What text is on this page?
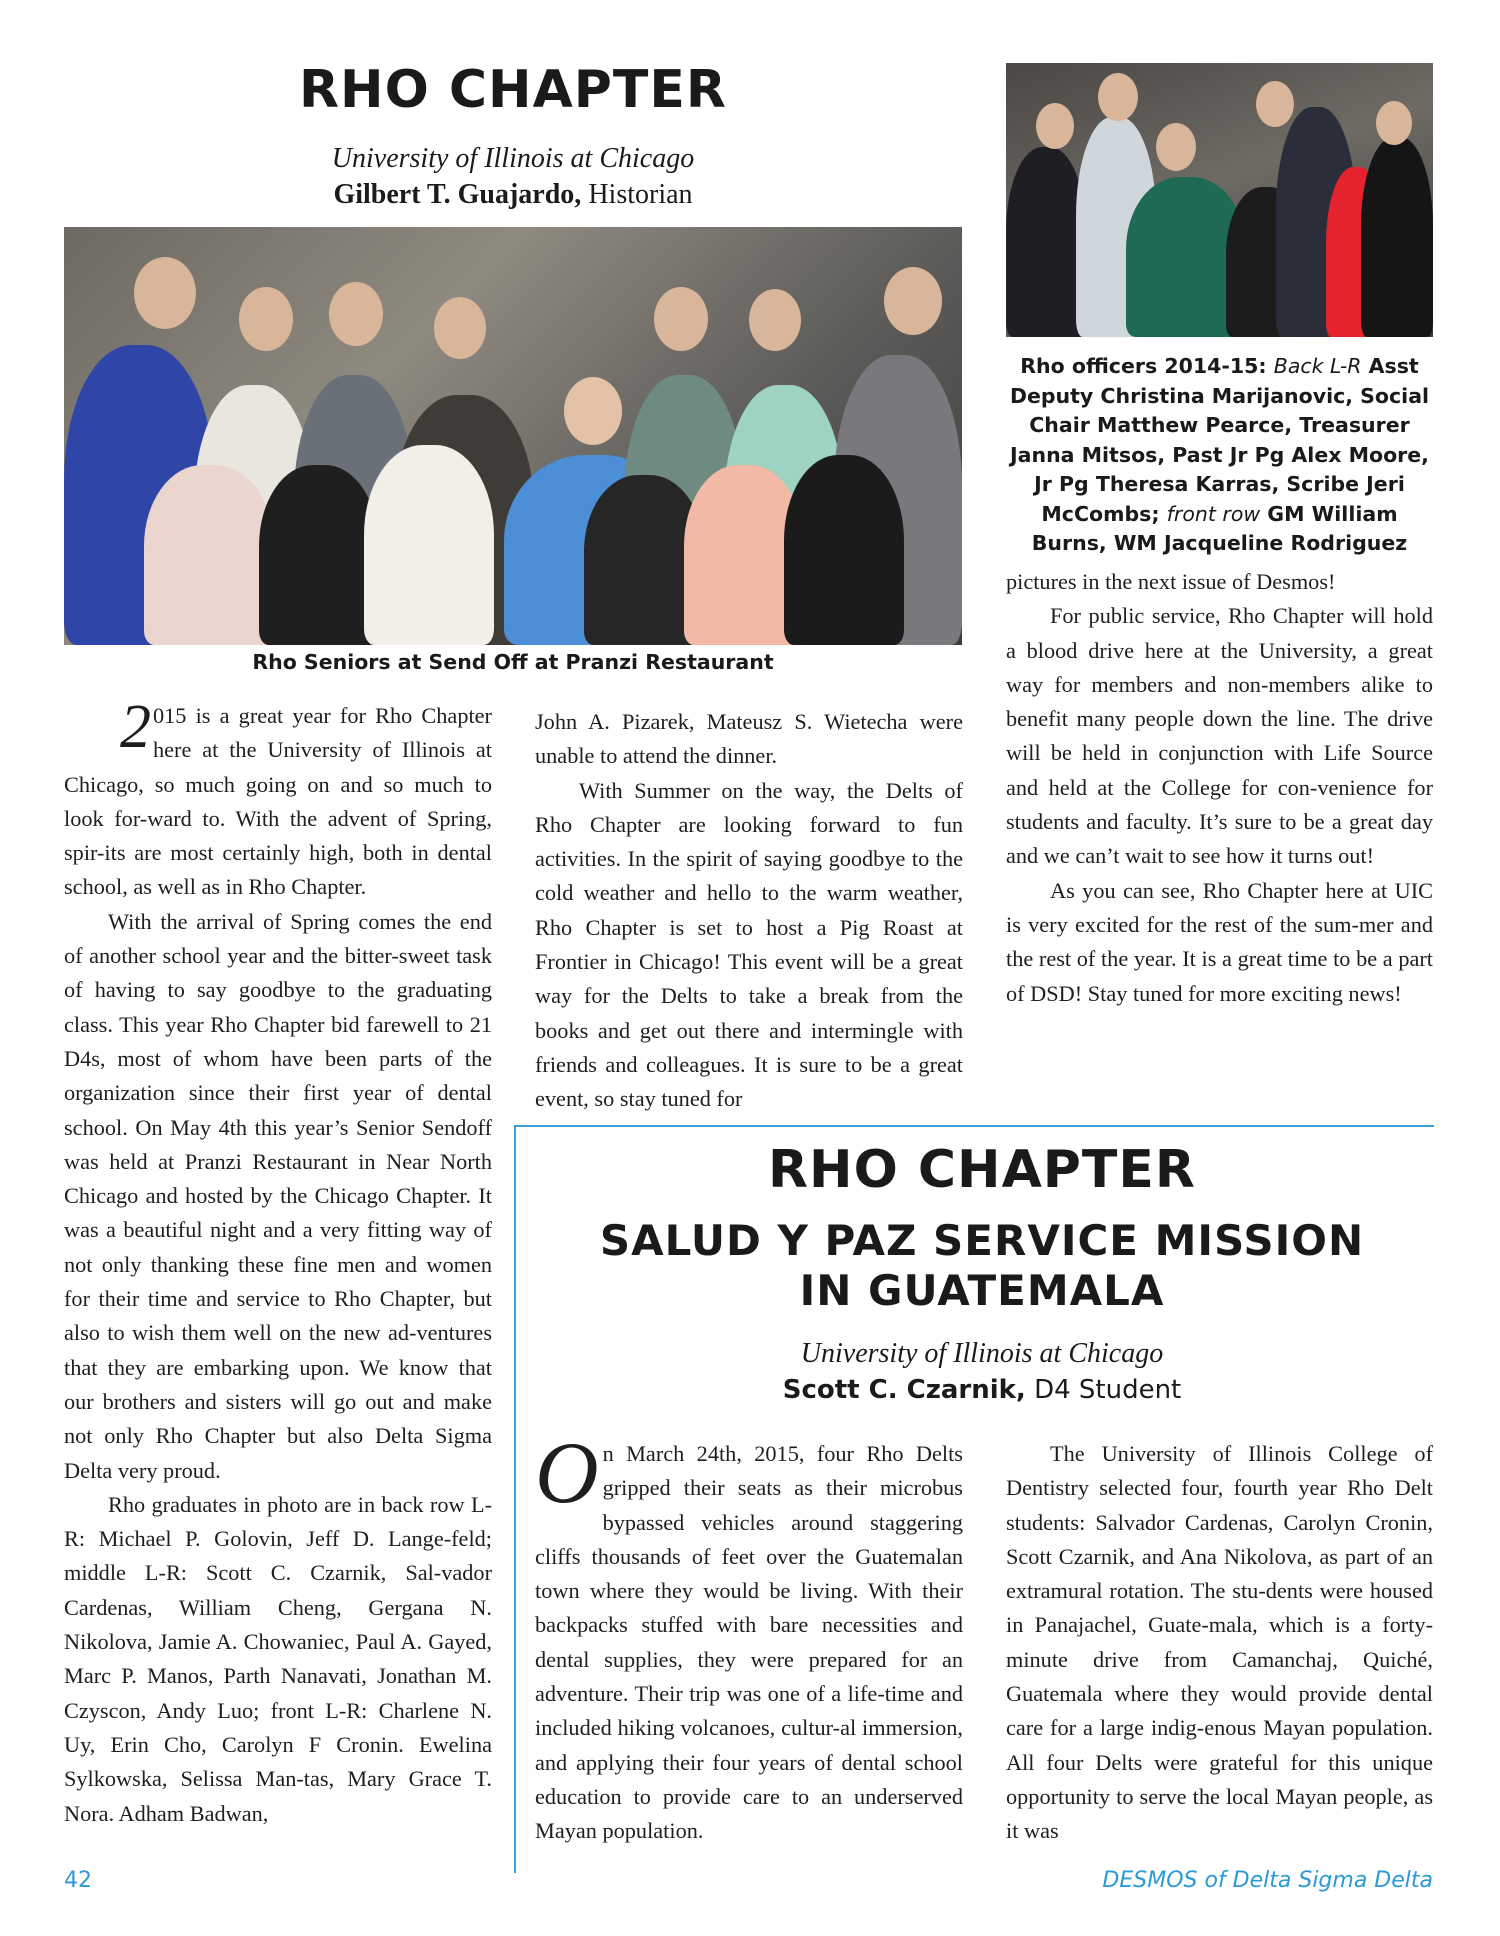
RHO CHAPTER
University of Illinois at Chicago
Gilbert T. Guajardo, Historian
Rho Seniors at Send Off at Pranzi Restaurant
Rho officers 2014-15: Back L-R Asst Deputy Christina Marijanovic, Social Chair Matthew Pearce, Treasurer Janna Mitsos, Past Jr Pg Alex Moore, Jr Pg Theresa Karras, Scribe Jeri McCombs; front row GM William Burns, WM Jacqueline Rodriguez

2 015 is a great year for Rho Chapter here at the University of Illinois at Chicago, so much going on and so much to look for-ward to. With the advent of Spring, spir-its are most certainly high, both in dental school, as well as in Rho Chapter.

With the arrival of Spring comes the end of another school year and the bitter-sweet task of having to say goodbye to the graduating class. This year Rho Chapter bid farewell to 21 D4s, most of whom have been parts of the organization since their first year of dental school. On May 4th this year’s Senior Sendoff was held at Pranzi Restaurant in Near North Chicago and hosted by the Chicago Chapter. It was a beautiful night and a very fitting way of not only thanking these fine men and women for their time and service to Rho Chapter, but also to wish them well on the new ad-ventures that they are embarking upon. We know that our brothers and sisters will go out and make not only Rho Chapter but also Delta Sigma Delta very proud.

Rho graduates in photo are in back row L-R: Michael P. Golovin, Jeff D. Lange-feld; middle L-R: Scott C. Czarnik, Sal-vador Cardenas, William Cheng, Gergana N. Nikolova, Jamie A. Chowaniec, Paul A. Gayed, Marc P. Manos, Parth Nanavati, Jonathan M. Czyscon, Andy Luo; front L-R: Charlene N. Uy, Erin Cho, Carolyn F Cronin. Ewelina Sylkowska, Selissa Man-tas, Mary Grace T. Nora. Adham Badwan,

John A. Pizarek, Mateusz S. Wietecha were unable to attend the dinner.

With Summer on the way, the Delts of Rho Chapter are looking forward to fun activities. In the spirit of saying goodbye to the cold weather and hello to the warm weather, Rho Chapter is set to host a Pig Roast at Frontier in Chicago! This event will be a great way for the Delts to take a break from the books and get out there and intermingle with friends and colleagues. It is sure to be a great event, so stay tuned for

pictures in the next issue of Desmos!

For public service, Rho Chapter will hold a blood drive here at the University, a great way for members and non-members alike to benefit many people down the line. The drive will be held in conjunction with Life Source and held at the College for con-venience for students and faculty. It’s sure to be a great day and we can’t wait to see how it turns out!

As you can see, Rho Chapter here at UIC is very excited for the rest of the sum-mer and the rest of the year. It is a great time to be a part of DSD! Stay tuned for more exciting news!

RHO CHAPTER
SALUD Y PAZ SERVICE MISSION
IN GUATEMALA
University of Illinois at Chicago
Scott C. Czarnik, D4 Student

On March 24th, 2015, four Rho Delts gripped their seats as their microbus bypassed vehicles around staggering cliffs thousands of feet over the Guatemalan town where they would be living. With their backpacks stuffed with bare necessities and dental supplies, they were prepared for an adventure. Their trip was one of a life-time and included hiking volcanoes, cultur-al immersion, and applying their four years of dental school education to provide care to an underserved Mayan population.

The University of Illinois College of Dentistry selected four, fourth year Rho Delt students: Salvador Cardenas, Carolyn Cronin, Scott Czarnik, and Ana Nikolova, as part of an extramural rotation. The stu-dents were housed in Panajachel, Guate-mala, which is a forty-minute drive from Camanchaj, Quiché, Guatemala where they would provide dental care for a large indig-enous Mayan population. All four Delts were grateful for this unique opportunity to serve the local Mayan people, as it was

42	DESMOS of Delta Sigma Delta
